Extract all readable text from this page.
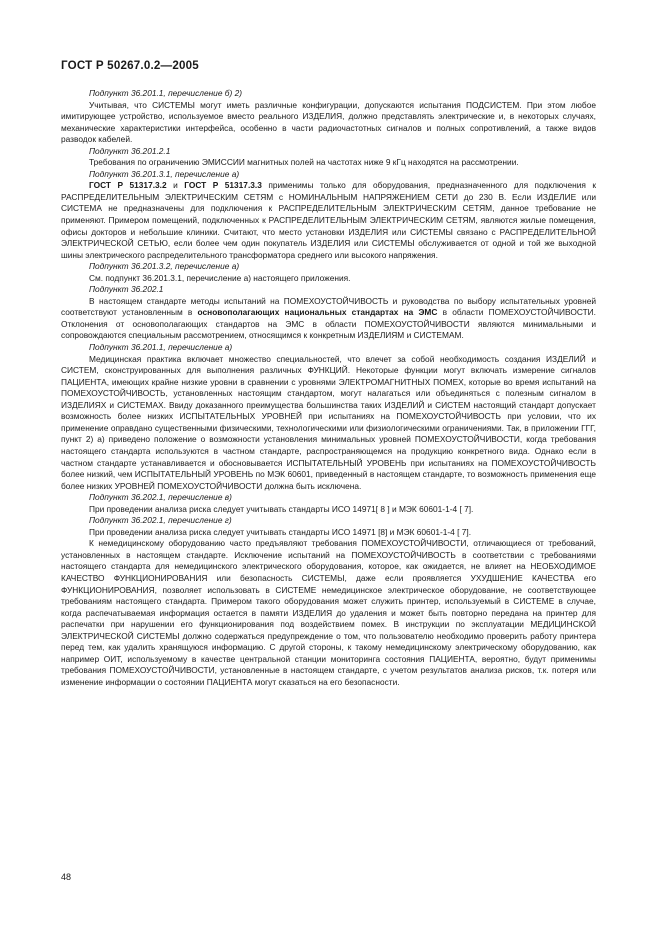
ГОСТ Р 50267.0.2—2005

Подпункт 36.201.1, перечисление б) 2)

Учитывая, что СИСТЕМЫ могут иметь различные конфигурации, допускаются испытания ПОДСИСТЕМ. При этом любое имитирующее устройство, используемое вместо реального ИЗДЕЛИЯ, должно представлять электрические и, в некоторых случаях, механические характеристики интерфейса, особенно в части радиочастотных сигналов и полных сопротивлений, а также видов разводок кабелей.

Подпункт 36.201.2.1

Требования по ограничению ЭМИССИИ магнитных полей на частотах ниже 9 кГц находятся на рассмотрении.

Подпункт 36.201.3.1, перечисление а)

ГОСТ Р 51317.3.2 и ГОСТ Р 51317.3.3 применимы только для оборудования, предназначенного для подключения к РАСПРЕДЕЛИТЕЛЬНЫМ ЭЛЕКТРИЧЕСКИМ СЕТЯМ с НОМИНАЛЬНЫМ НАПРЯЖЕНИЕМ СЕТИ до 230 В. Если ИЗДЕЛИЕ или СИСТЕМА не предназначены для подключения к РАСПРЕДЕЛИТЕЛЬНЫМ ЭЛЕКТРИЧЕСКИМ СЕТЯМ, данное требование не применяют. Примером помещений, подключенных к РАСПРЕДЕЛИТЕЛЬНЫМ ЭЛЕКТРИЧЕСКИМ СЕТЯМ, являются жилые помещения, офисы докторов и небольшие клиники. Считают, что место установки ИЗДЕЛИЯ или СИСТЕМЫ связано с РАСПРЕДЕЛИТЕЛЬНОЙ ЭЛЕКТРИЧЕСКОЙ СЕТЬЮ, если более чем один покупатель ИЗДЕЛИЯ или СИСТЕМЫ обслуживается от одной и той же выходной шины электрического распределительного трансформатора среднего или высокого напряжения.

Подпункт 36.201.3.2, перечисление а)

См. подпункт 36.201.3.1, перечисление а) настоящего приложения.

Подпункт 36.202.1

В настоящем стандарте методы испытаний на ПОМЕХОУСТОЙЧИВОСТЬ и руководства по выбору испытательных уровней соответствуют установленным в основополагающих национальных стандартах на ЭМС в области ПОМЕХОУСТОЙЧИВОСТИ. Отклонения от основополагающих стандартов на ЭМС в области ПОМЕХОУСТОЙЧИВОСТИ являются минимальными и сопровождаются специальным рассмотрением, относящимся к конкретным ИЗДЕЛИЯМ и СИСТЕМАМ.

Подпункт 36.201.1, перечисление а)

Медицинская практика включает множество специальностей, что влечет за собой необходимость создания ИЗДЕЛИЙ и СИСТЕМ, сконструированных для выполнения различных ФУНКЦИЙ. Некоторые функции могут включать измерение сигналов ПАЦИЕНТА, имеющих крайне низкие уровни в сравнении с уровнями ЭЛЕКТРОМАГНИТНЫХ ПОМЕХ, которые во время испытаний на ПОМЕХОУСТОЙЧИВОСТЬ, установленных настоящим стандартом, могут налагаться или объединяться с полезным сигналом в ИЗДЕЛИЯХ и СИСТЕМАХ. Ввиду доказанного преимущества большинства таких ИЗДЕЛИЙ и СИСТЕМ настоящий стандарт допускает возможность более низких ИСПЫТАТЕЛЬНЫХ УРОВНЕЙ при испытаниях на ПОМЕХОУСТОЙЧИВОСТЬ при условии, что их применение оправдано существенными физическими, технологическими или физиологическими ограничениями. Так, в приложении ГГГ, пункт 2) а) приведено положение о возможности установления минимальных уровней ПОМЕХОУСТОЙЧИВОСТИ, когда требования настоящего стандарта используются в частном стандарте, распространяющемся на продукцию конкретного вида. Однако если в частном стандарте устанавливается и обосновывается ИСПЫТАТЕЛЬНЫЙ УРОВЕНЬ при испытаниях на ПОМЕХОУСТОЙЧИВОСТЬ более низкий, чем ИСПЫТАТЕЛЬНЫЙ УРОВЕНЬ по МЭК 60601, приведенный в настоящем стандарте, то возможность применения еще более низких УРОВНЕЙ ПОМЕХОУСТОЙЧИВОСТИ должна быть исключена.

Подпункт 36.202.1, перечисление в)

При проведении анализа риска следует учитывать стандарты ИСО 14971[ 8 ] и МЭК 60601-1-4 [ 7].

Подпункт 36.202.1, перечисление г)

При проведении анализа риска следует учитывать стандарты ИСО 14971 [8] и МЭК 60601-1-4 [ 7].

К немедицинскому оборудованию часто предъявляют требования ПОМЕХОУСТОЙЧИВОСТИ, отличающиеся от требований, установленных в настоящем стандарте. Исключение испытаний на ПОМЕХОУСТОЙЧИВОСТЬ в соответствии с требованиями настоящего стандарта для немедицинского электрического оборудования, которое, как ожидается, не влияет на НЕОБХОДИМОЕ КАЧЕСТВО ФУНКЦИОНИРОВАНИЯ или безопасность СИСТЕМЫ, даже если проявляется УХУДШЕНИЕ КАЧЕСТВА его ФУНКЦИОНИРОВАНИЯ, позволяет использовать в СИСТЕМЕ немедицинское электрическое оборудование, не соответствующее требованиям настоящего стандарта. Примером такого оборудования может служить принтер, используемый в СИСТЕМЕ в случае, когда распечатываемая информация остается в памяти ИЗДЕЛИЯ до удаления и может быть повторно передана на принтер для распечатки при нарушении его функционирования под воздействием помех. В инструкции по эксплуатации МЕДИЦИНСКОЙ ЭЛЕКТРИЧЕСКОЙ СИСТЕМЫ должно содержаться предупреждение о том, что пользователю необходимо проверить работу принтера перед тем, как удалить хранящуюся информацию. С другой стороны, к такому немедицинскому электрическому оборудованию, как например ОИТ, используемому в качестве центральной станции мониторинга состояния ПАЦИЕНТА, вероятно, будут применимы требования ПОМЕХОУСТОЙЧИВОСТИ, установленные в настоящем стандарте, с учетом результатов анализа рисков, т.к. потеря или изменение информации о состоянии ПАЦИЕНТА могут сказаться на его безопасности.

48
